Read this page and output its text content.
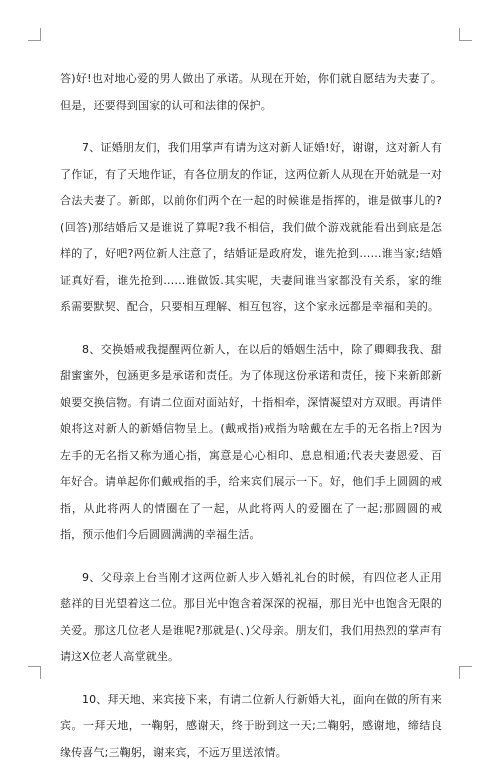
答)好!也对地心爱的男人做出了承诺。从现在开始，你们就自愿结为夫妻了。但是，还要得到国家的认可和法律的保护。

7、证婚朋友们，我们用掌声有请为这对新人证婚!好，谢谢，这对新人有了作证，有了天地作证，有各位朋友的作证，这两位新人从现在开始就是一对合法夫妻了。新郎，以前你们两个在一起的时候谁是指挥的，谁是做事儿的?(回答)那结婚后又是谁说了算呢?我不相信，我们做个游戏就能看出到底是怎样的了，好吧?两位新人注意了，结婚证是政府发，谁先抢到……谁当家;结婚证真好看，谁先抢到……谁做饭.其实呢，夫妻间谁当家都没有关系，家的维系需要默契、配合，只要相互理解、相互包容，这个家永远都是幸福和美的。

8、交换婚戒我提醒两位新人，在以后的婚姻生活中，除了卿卿我我、甜甜蜜蜜外，包涵更多是承诺和责任。为了体现这份承诺和责任，接下来新郎新娘要交换信物。有请二位面对面站好，十指相牵，深情凝望对方双眼。再请伴娘将这对新人的新婚信物呈上。(戴戒指)戒指为啥戴在左手的无名指上?因为左手的无名指又称为通心指，寓意是心心相印、息息相通;代表夫妻恩爱、百年好合。请单起你们戴戒指的手，给来宾们展示一下。好，他们手上圆圆的戒指，从此将两人的情圈在了一起，从此将两人的爱圈在了一起;那圆圆的戒指，预示他们今后圆圆满满的幸福生活。

9、父母亲上台当刚才这两位新人步入婚礼礼台的时候，有四位老人正用慈祥的目光望着这二位。那目光中饱含着深深的祝福，那目光中也饱含无限的关爱。那这几位老人是谁呢?那就是(、)父母亲。朋友们，我们用热烈的掌声有请这X位老人高堂就坐。

10、拜天地、来宾接下来，有请二位新人行新婚大礼，面向在做的所有来宾。一拜天地，一鞠躬，感谢天，终于盼到这一天;二鞠躬，感谢地，缔结良缘传喜气;三鞠躬，谢来宾，不远万里送浓情。
